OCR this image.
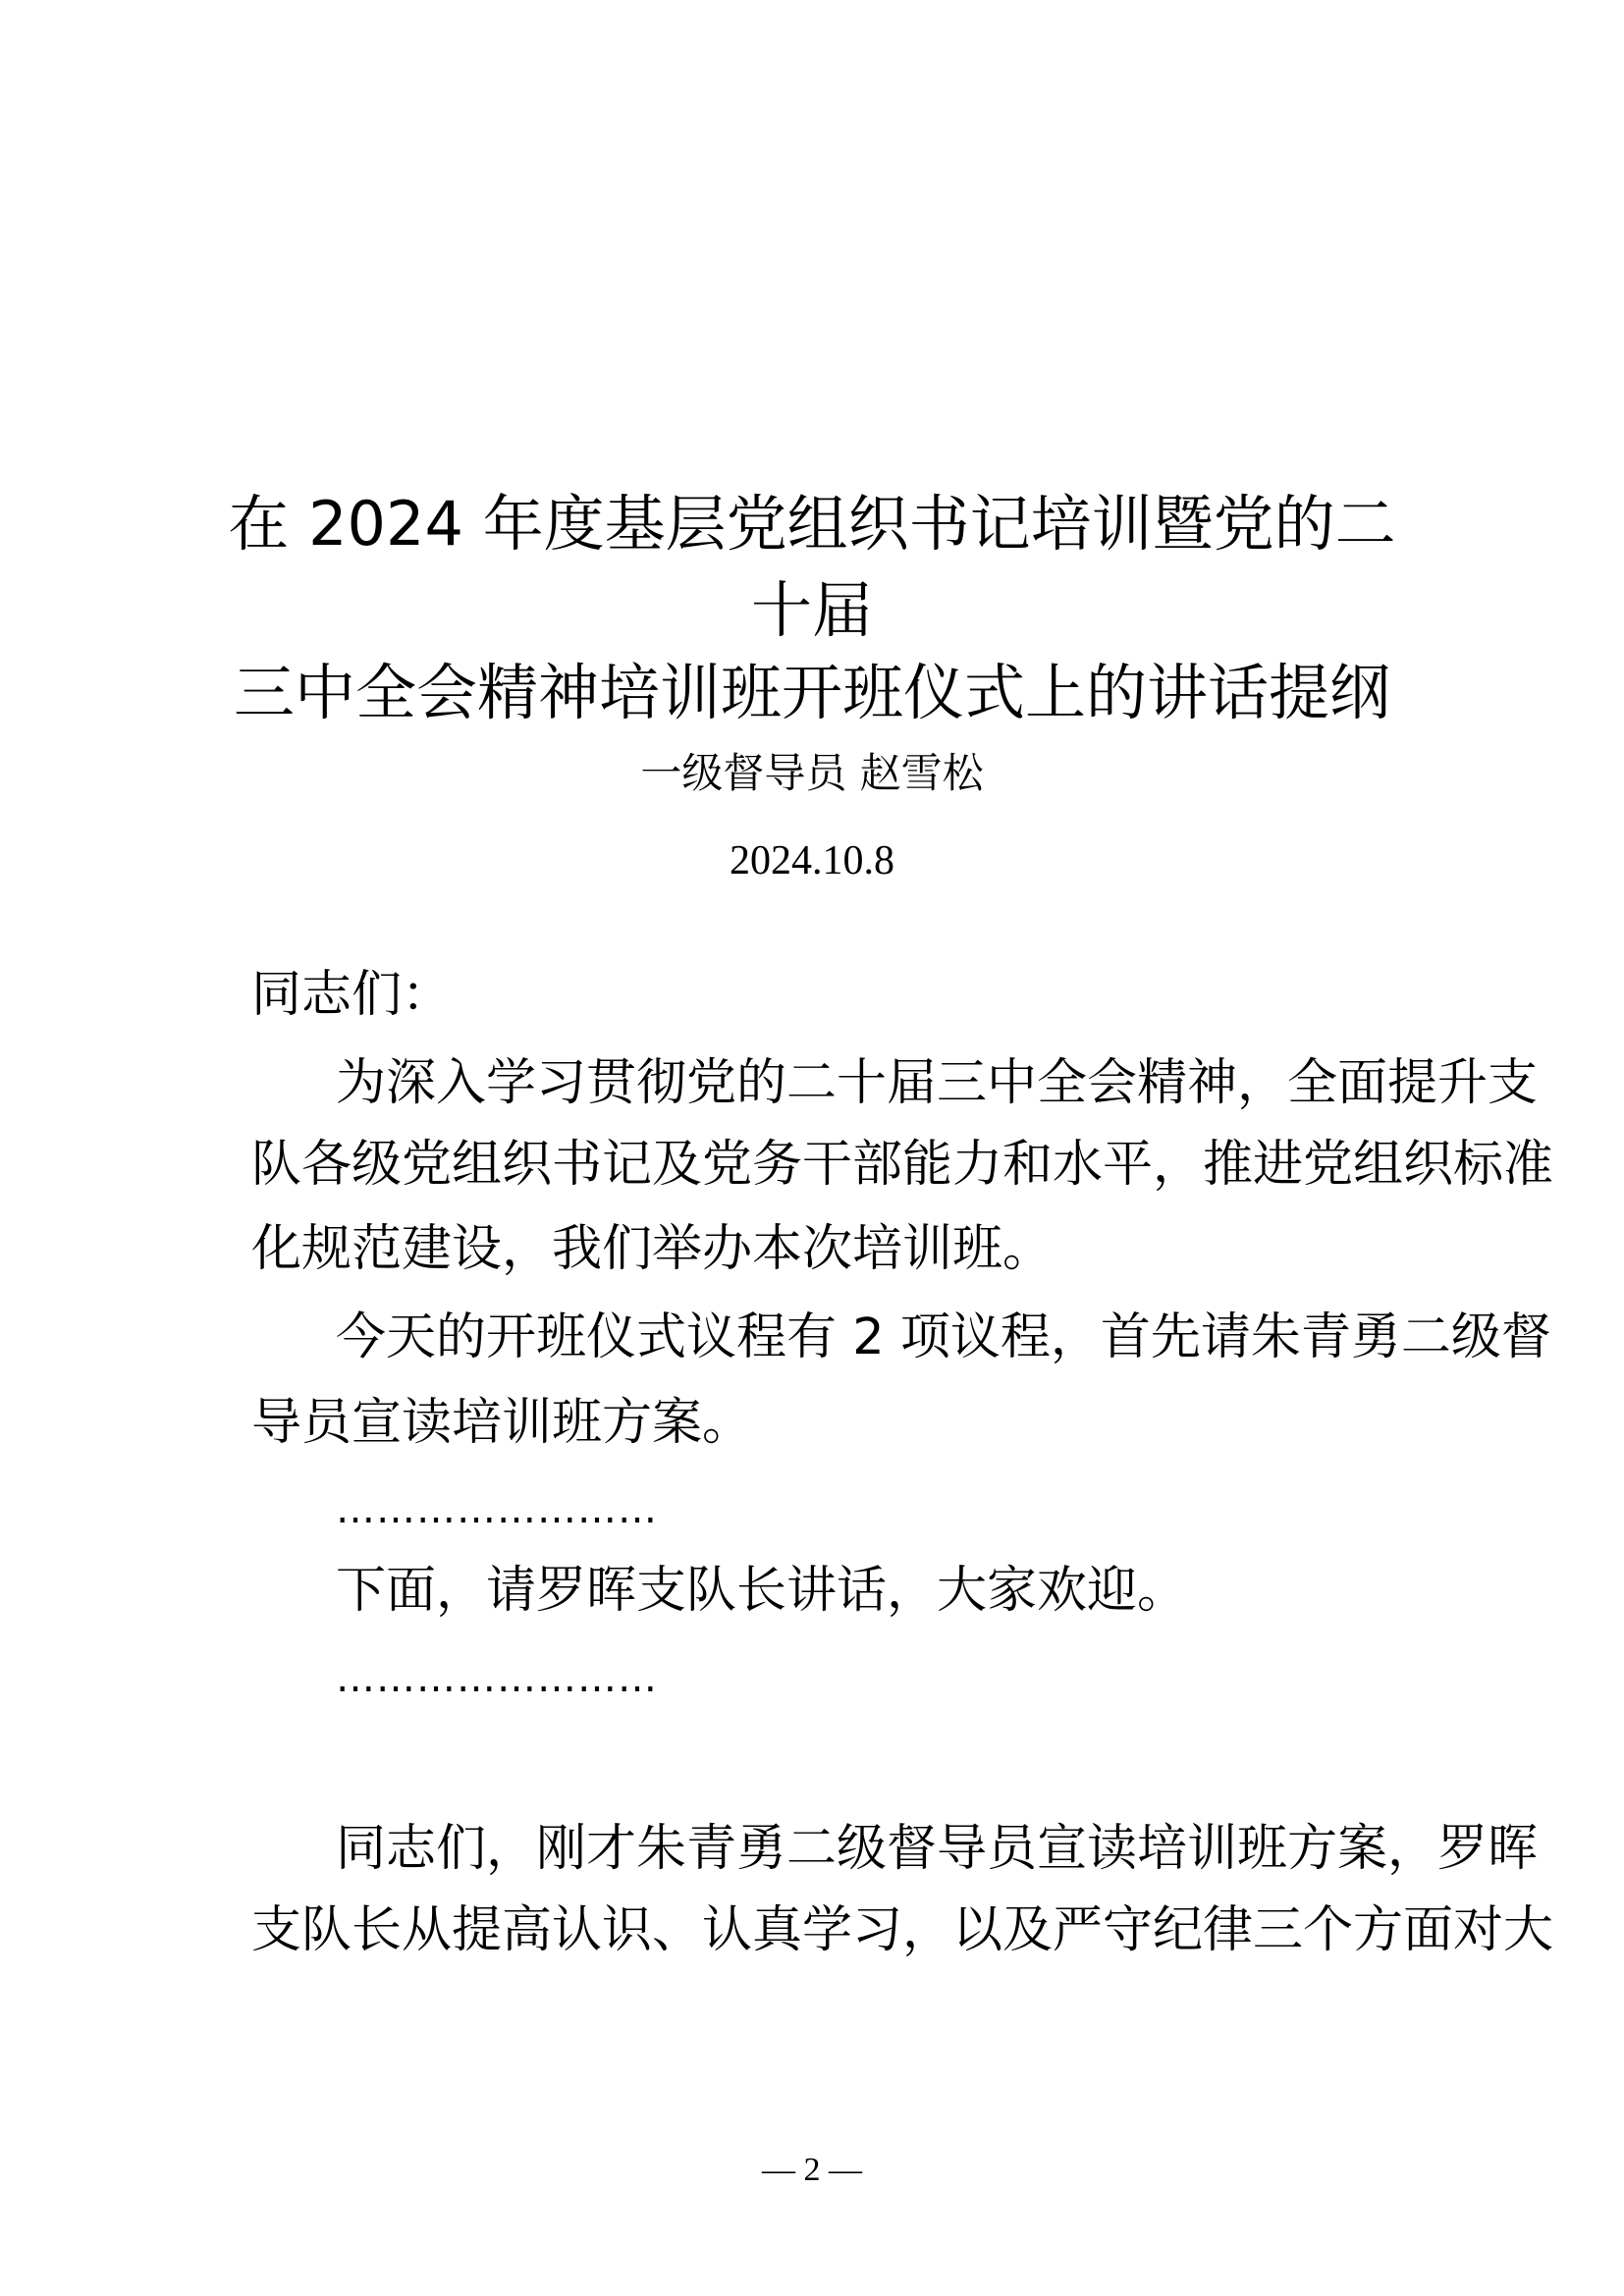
在 2024 年度基层党组织书记培训暨党的二
十届
三中全会精神培训班开班仪式上的讲话提纲
一级督导员 赵雪松
2024.10.8
同志们：
为深入学习贯彻党的二十届三中全会精神，全面提升支
队各级党组织书记及党务干部能力和水平，推进党组织标准
化规范建设，我们举办本次培训班。
今天的开班仪式议程有 2 项议程，首先请朱青勇二级督
导员宣读培训班方案。
……………………
下面，请罗晖支队长讲话，大家欢迎。
……………………
同志们，刚才朱青勇二级督导员宣读培训班方案，罗晖
支队长从提高认识、认真学习，以及严守纪律三个方面对大
— 2 —
